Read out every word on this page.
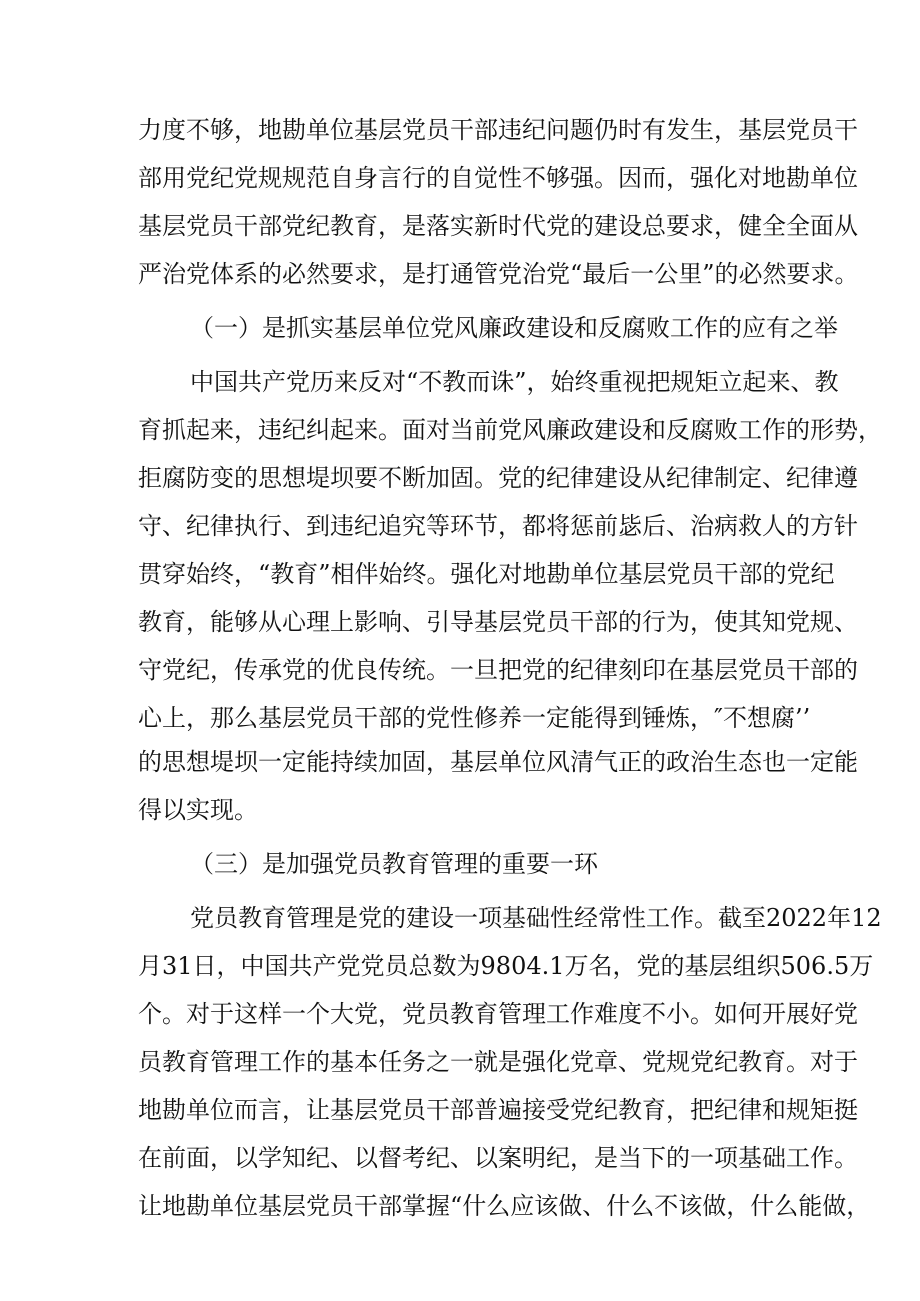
力度不够，地勘单位基层党员干部违纪问题仍时有发生，基层党员干
部用党纪党规规范自身言行的自觉性不够强。因而，强化对地勘单位
基层党员干部党纪教育，是落实新时代党的建设总要求，健全全面从
严治党体系的必然要求，是打通管党治党“最后一公里”的必然要求。
（一）是抓实基层单位党风廉政建设和反腐败工作的应有之举
中国共产党历来反对“不教而诛”，始终重视把规矩立起来、教
育抓起来，违纪纠起来。面对当前党风廉政建设和反腐败工作的形势，
拒腐防变的思想堤坝要不断加固。党的纪律建设从纪律制定、纪律遵
守、纪律执行、到违纪追究等环节，都将惩前毖后、治病救人的方针
贯穿始终，“教育”相伴始终。强化对地勘单位基层党员干部的党纪
教育，能够从心理上影响、引导基层党员干部的行为，使其知党规、
守党纪，传承党的优良传统。一旦把党的纪律刻印在基层党员干部的
心上，那么基层党员干部的党性修养一定能得到锤炼，″不想腐’’
的思想堤坝一定能持续加固，基层单位风清气正的政治生态也一定能
得以实现。
（三）是加强党员教育管理的重要一环
党员教育管理是党的建设一项基础性经常性工作。截至2022年12
月31日，中国共产党党员总数为9804.1万名，党的基层组织506.5万
个。对于这样一个大党，党员教育管理工作难度不小。如何开展好党
员教育管理工作的基本任务之一就是强化党章、党规党纪教育。对于
地勘单位而言，让基层党员干部普遍接受党纪教育，把纪律和规矩挺
在前面，以学知纪、以督考纪、以案明纪，是当下的一项基础工作。
让地勘单位基层党员干部掌握“什么应该做、什么不该做，什么能做，
